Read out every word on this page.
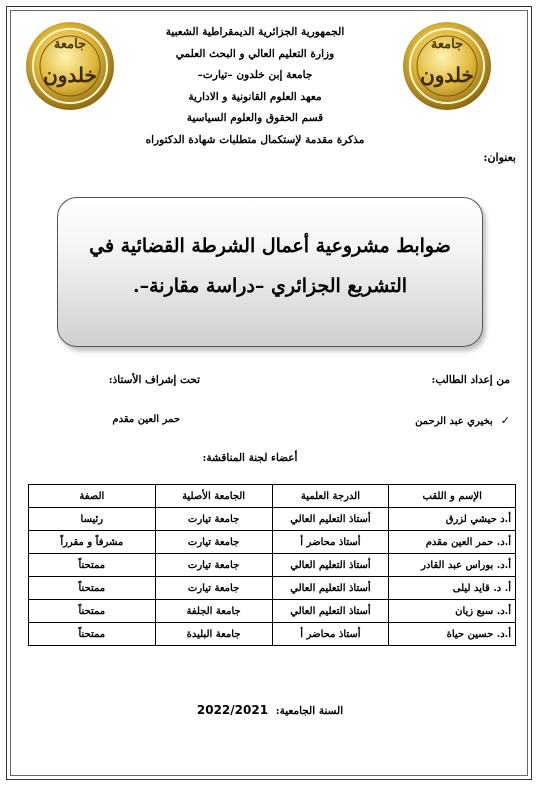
جامعة
خلدون
جامعة
خلدون
الجمهورية الجزائرية الديمقراطية الشعبية
وزارة التعليم العالي و البحث العلمي
جامعة إبن خلدون –تيارت–
معهد العلوم القانونية و الادارية
قسم الحقوق والعلوم السياسية
مذكرة مقدمة لإستكمال متطلبات شهادة الدكتوراه
بعنوان:
ضوابط مشروعية أعمال الشرطة القضائية في
التشريع الجزائري –دراسة مقارنة–.
من إعداد الطالب:
تحت إشراف الأستاذ:
✓بخيري عبد الرحمن
حمر العين مقدم
أعضاء لجنة المناقشة:
الإسم و اللقب	الدرجة العلمية	الجامعة الأصلية	الصفة
أ.د حيشي لزرق	أستاذ التعليم العالي	جامعة تيارت	رئيسا
أ.د. حمر العين مقدم	أستاذ محاضر أ	جامعة تيارت	مشرفاً و مقرراً
أ.د. بوراس عبد القادر	أستاذ التعليم العالي	جامعة تيارت	ممتحناً
أ. د. قايد ليلى	أستاذ التعليم العالي	جامعة تيارت	ممتحناً
أ.د. سبع زيان	أستاذ التعليم العالي	جامعة الجلفة	ممتحناً
أ.د. حسين حياة	أستاذ محاضر أ	جامعة البليدة	ممتحناً
السنة الجامعية: 2022/2021
